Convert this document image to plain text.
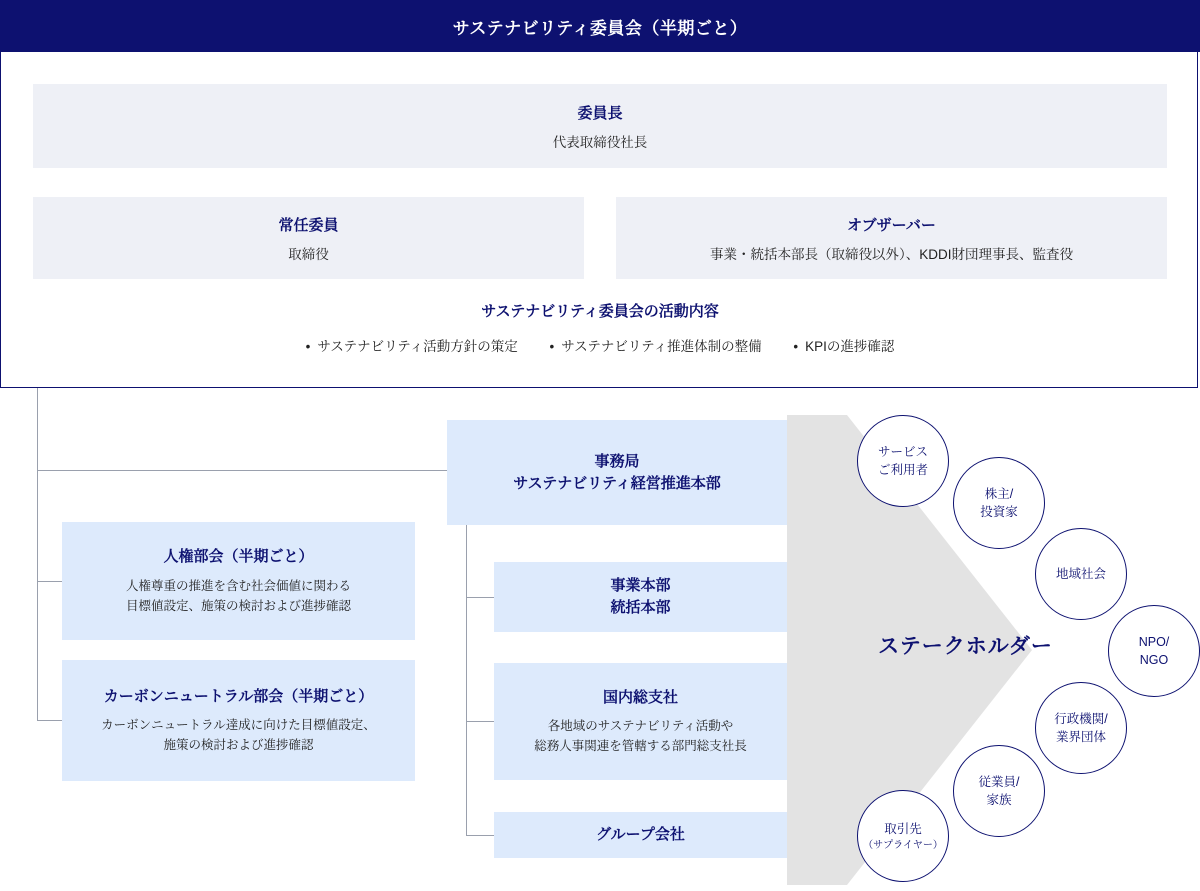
サステナビリティ委員会（半期ごと）
委員長
代表取締役社長
常任委員
取締役
オブザーバー
事業・統括本部長（取締役以外）、KDDI財団理事長、監査役
サステナビリティ委員会の活動内容
• サステナビリティ活動方針の策定	• サステナビリティ推進体制の整備	• KPIの進捗確認
ステークホルダー
事務局
サステナビリティ経営推進本部
人権部会（半期ごと）
人権尊重の推進を含む社会価値に関わる
目標値設定、施策の検討および進捗確認
カーボンニュートラル部会（半期ごと）
カーボンニュートラル達成に向けた目標値設定、
施策の検討および進捗確認
事業本部
統括本部
国内総支社
各地域のサステナビリティ活動や
総務人事関連を管轄する部門総支社長
グループ会社
サービス
ご利用者
株主/
投資家
地域社会
NPO/
NGO
行政機関/
業界団体
従業員/
家族
取引先
（サプライヤー）
